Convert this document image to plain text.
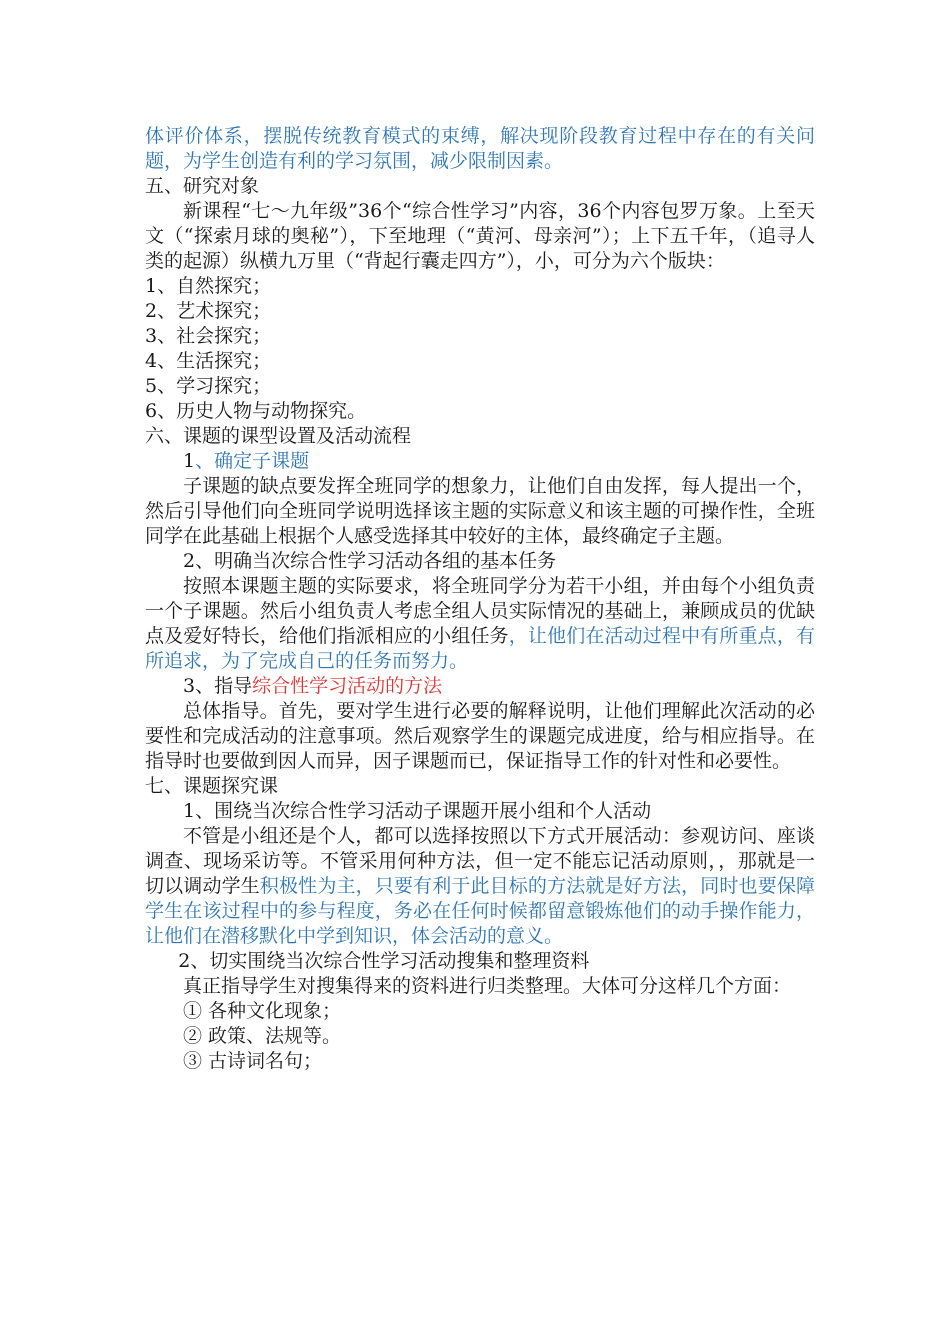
体评价体系，摆脱传统教育模式的束缚，解决现阶段教育过程中存在的有关问题，为学生创造有利的学习氛围，减少限制因素。

五、研究对象

新课程“七～九年级”36个“综合性学习”内容，36个内容包罗万象。上至天文（“探索月球的奥秘”），下至地理（“黄河、母亲河”）；上下五千年，（追寻人类的起源）纵横九万里（“背起行囊走四方”），小，可分为六个版块：

1、自然探究；

2、艺术探究；

3、社会探究；

4、生活探究；

5、学习探究；

6、历史人物与动物探究。

六、课题的课型设置及活动流程

1、确定子课题

子课题的缺点要发挥全班同学的想象力，让他们自由发挥，每人提出一个，然后引导他们向全班同学说明选择该主题的实际意义和该主题的可操作性，全班同学在此基础上根据个人感受选择其中较好的主体，最终确定子主题。

2、明确当次综合性学习活动各组的基本任务

按照本课题主题的实际要求，将全班同学分为若干小组，并由每个小组负责一个子课题。然后小组负责人考虑全组人员实际情况的基础上，兼顾成员的优缺点及爱好特长，给他们指派相应的小组任务，让他们在活动过程中有所重点，有所追求，为了完成自己的任务而努力。

3、指导综合性学习活动的方法

总体指导。首先，要对学生进行必要的解释说明，让他们理解此次活动的必要性和完成活动的注意事项。然后观察学生的课题完成进度，给与相应指导。在指导时也要做到因人而异，因子课题而已，保证指导工作的针对性和必要性。

七、课题探究课

1、围绕当次综合性学习活动子课题开展小组和个人活动

不管是小组还是个人，都可以选择按照以下方式开展活动：参观访问、座谈调查、现场采访等。不管采用何种方法，但一定不能忘记活动原则，，那就是一切以调动学生积极性为主，只要有利于此目标的方法就是好方法，同时也要保障学生在该过程中的参与程度，务必在任何时候都留意锻炼他们的动手操作能力，让他们在潜移默化中学到知识，体会活动的意义。

2、切实围绕当次综合性学习活动搜集和整理资料

真正指导学生对搜集得来的资料进行归类整理。大体可分这样几个方面：

① 各种文化现象；

② 政策、法规等。

③ 古诗词名句；
